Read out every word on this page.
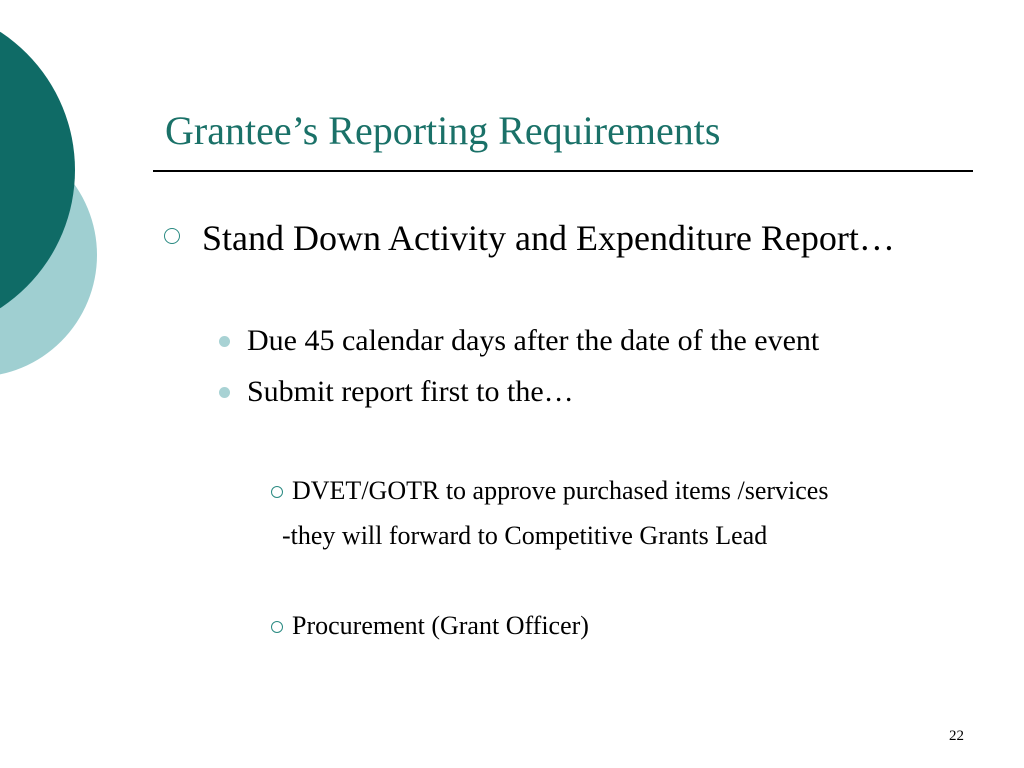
Grantee’s Reporting Requirements
Stand Down Activity and Expenditure Report…
Due 45 calendar days after the date of the event
Submit report first to the…
DVET/GOTR to approve purchased items /services
-they will forward to Competitive Grants Lead
Procurement (Grant Officer)
22
